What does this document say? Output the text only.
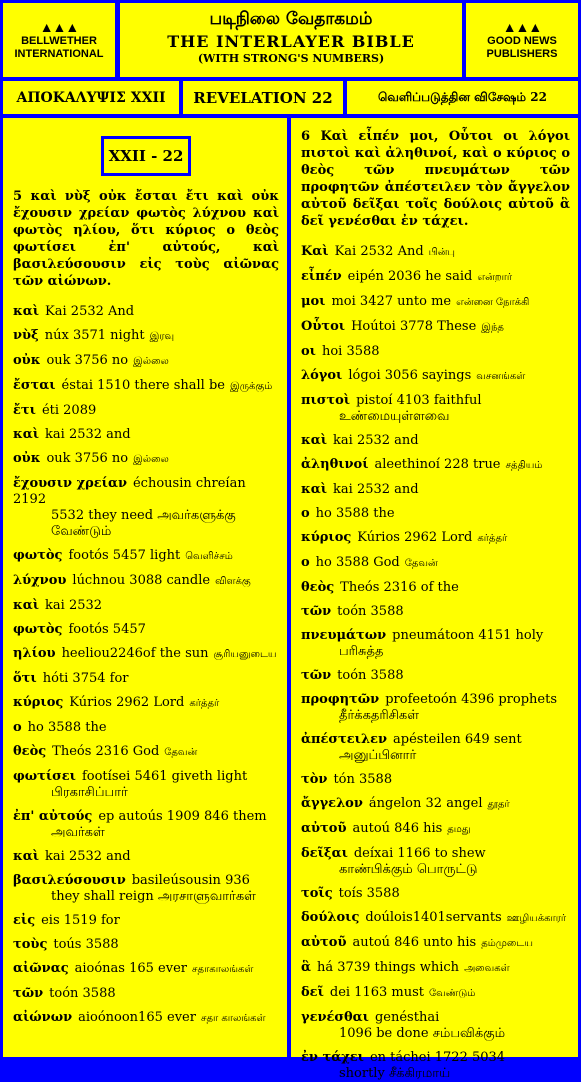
▲▲▲
BELLWETHER INTERNATIONAL
படிநிலை வேதாகமம்
THE INTERLAYER BIBLE
(WITH STRONG'S NUMBERS)
▲▲▲
GOOD NEWS PUBLISHERS
ΑΠΟΚΑΛΥΨΙΣ XXII	REVELATION 22	வெளிப்படுத்தின விசேஷம் 22
XXII - 22
5 καὶ νὺξ οὐκ ἔσται ἔτι καὶ οὐκ ἔχουσιν χρείαν φωτὸς λύχνου καὶ φωτὸς ηλίου, ὅτι κύριος ο θεὸς φωτίσει ἐπ' αὐτούς, καὶ βασιλεύσουσιν εἰς τοὺς αἰῶνας τῶν αἰώνων.
καὶ Kai 2532 And
νὺξ núx 3571 night இரவு
οὐκ ouk 3756 no இல்லை
ἔσται éstai 1510 there shall be இருக்கும்
ἔτι éti 2089
καὶ kai 2532 and
οὐκ ouk 3756 no இல்லை
ἔχουσιν χρείαν échousin chreían 2192
5532 they need அவர்களுக்கு வேண்டும்
φωτὸς footós 5457 light வெளிச்சம்
λύχνου lúchnou 3088 candle விளக்கு
καὶ kai 2532
φωτὸς footós 5457
ηλίου heeliou2246of the sun சூரியனுடைய
ὅτι hóti 3754 for
κύριος Kúrios 2962 Lord கர்த்தர்
ο ho 3588 the
θεὸς Theós 2316 God தேவன்
φωτίσει footísei 5461 giveth light
பிரகாசிப்பார்
ἐπ' αὐτούς ep autoús 1909 846 them
அவர்கள்
καὶ kai 2532 and
βασιλεύσουσιν basileúsousin 936
they shall reign அரசாளுவார்கள்
εἰς eis 1519 for
τοὺς toús 3588
αἰῶνας aioónas 165 ever சதாகாலங்கள்
τῶν toón 3588
αἰώνων aioónoon165 ever சதா காலங்கள்
6 Καὶ εἶπέν μοι, Οὗτοι οι λόγοι πιστοὶ καὶ ἀληθινοί, καὶ ο κύριος ο θεὸς τῶν πνευμάτων τῶν προφητῶν ἀπέστειλεν τὸν ἄγγελον αὐτοῦ δεῖξαι τοῖς δούλοις αὐτοῦ ἃ δεῖ γενέσθαι ἐν τάχει.
Καὶ Kai 2532 And பின்பு
εἶπέν eipén 2036 he said என்றார்
μοι moi 3427 unto me என்னை நோக்கி
Οὗτοι Hoútoi 3778 These இந்த
οι hoi 3588
λόγοι lógoi 3056 sayings வசனங்கள்
πιστοὶ pistoí 4103 faithful
உண்மையுள்ளவை
καὶ kai 2532 and
ἀληθινοί aleethinoí 228 true சத்தியம்
καὶ kai 2532 and
ο ho 3588 the
κύριος Kúrios 2962 Lord கர்த்தர்
ο ho 3588 God தேவன்
θεὸς Theós 2316 of the
τῶν toón 3588
πνευμάτων pneumátoon 4151 holy
பரிசுத்த
τῶν toón 3588
προφητῶν profeetoón 4396 prophets
தீர்க்கதரிசிகள்
ἀπέστειλεν apésteilen 649 sent
அனுப்பினார்
τὸν tón 3588
ἄγγελον ángelon 32 angel தூதர்
αὐτοῦ autoú 846 his தமது
δεῖξαι deíxai 1166 to shew
காண்பிக்கும் பொருட்டு
τοῖς toís 3588
δούλοις doúlois1401servants ஊழியக்காரர்
αὐτοῦ autoú 846 unto his தம்முடைய
ἃ há 3739 things which அவைகள்
δεῖ dei 1163 must வேண்டும்
γενέσθαι genésthai
1096 be done சம்பவிக்கும்
ἐν τάχει en táchei 1722 5034
shortly சீக்கிரமாய்
